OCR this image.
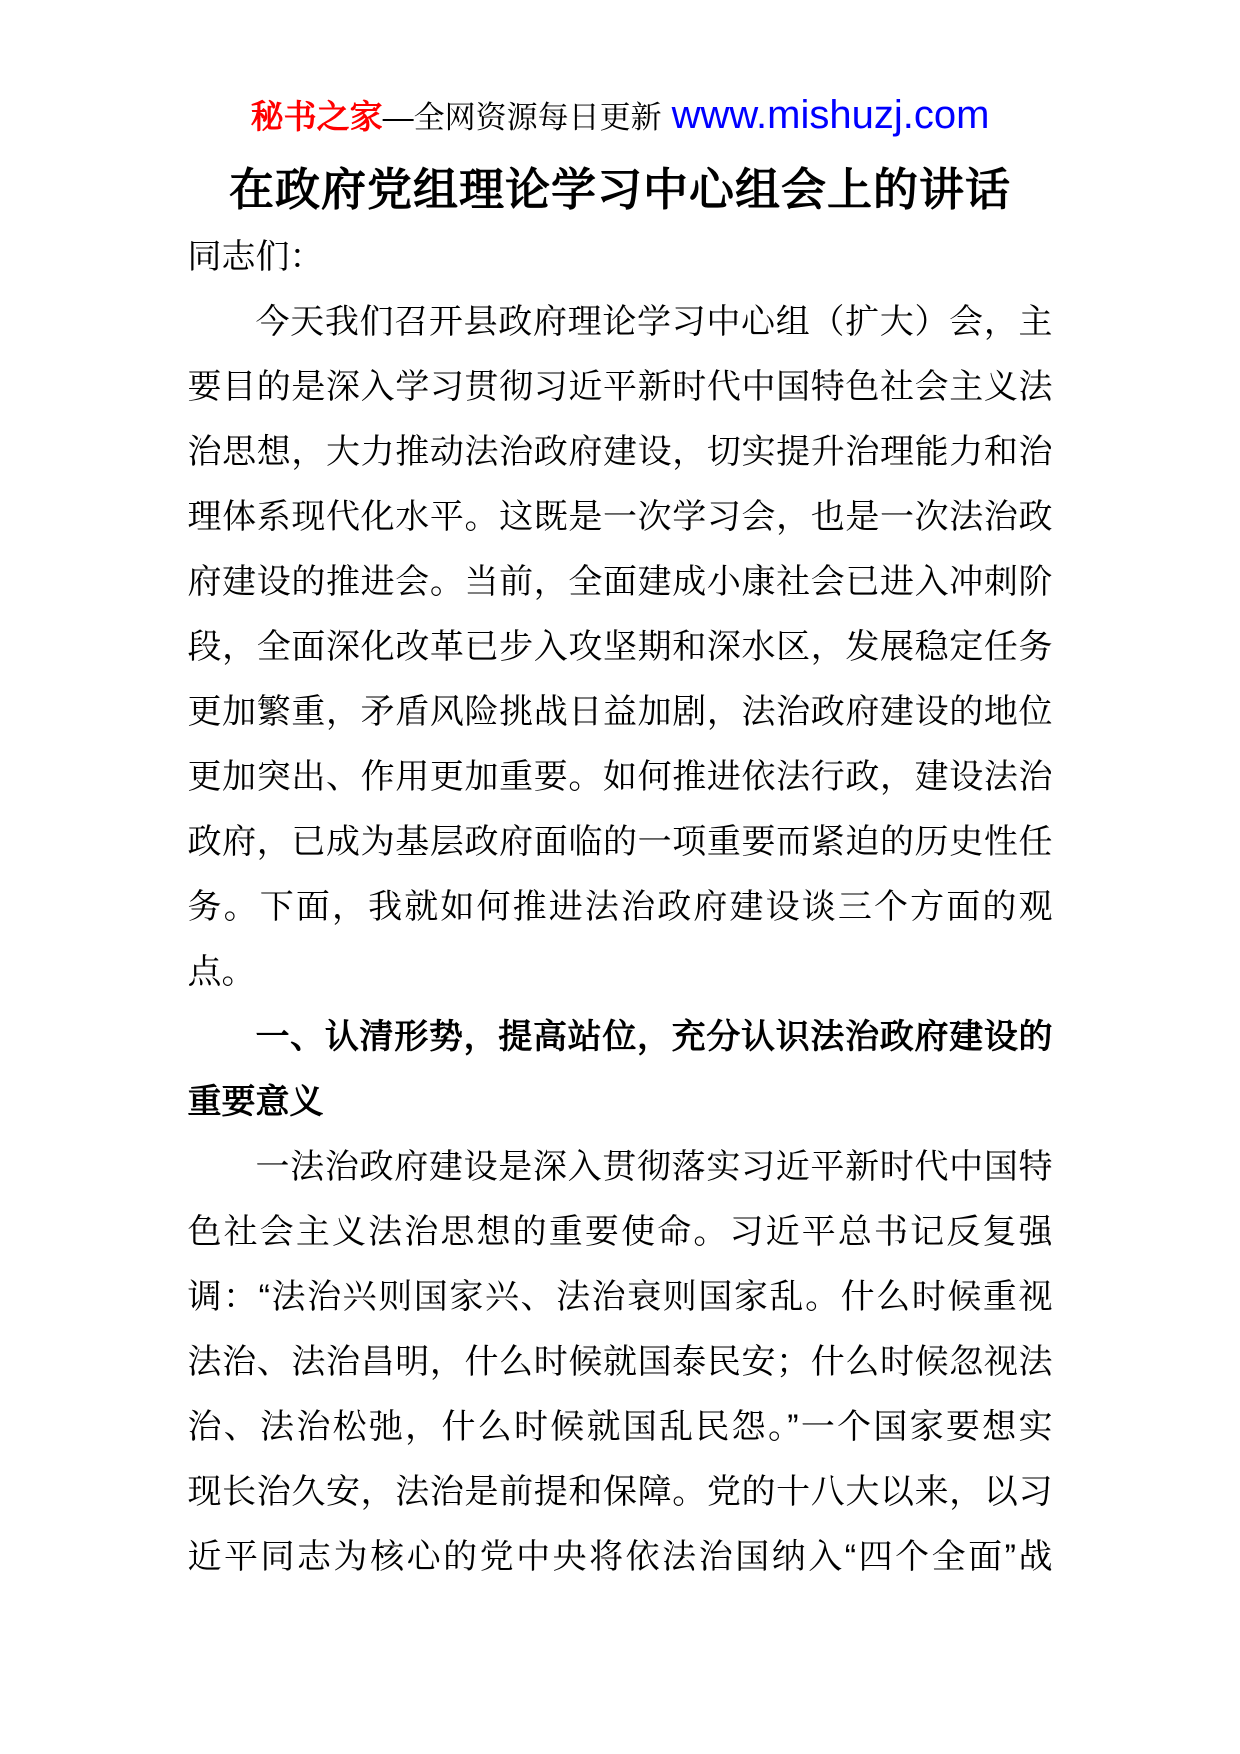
秘书之家—全网资源每日更新 www.mishuzj.com
在政府党组理论学习中心组会上的讲话
同志们：
今天我们召开县政府理论学习中心组（扩大）会，主
要目的是深入学习贯彻习近平新时代中国特色社会主义法
治思想，大力推动法治政府建设，切实提升治理能力和治
理体系现代化水平。这既是一次学习会，也是一次法治政
府建设的推进会。当前，全面建成小康社会已进入冲刺阶
段，全面深化改革已步入攻坚期和深水区，发展稳定任务
更加繁重，矛盾风险挑战日益加剧，法治政府建设的地位
更加突出、作用更加重要。如何推进依法行政，建设法治
政府，已成为基层政府面临的一项重要而紧迫的历史性任
务。下面，我就如何推进法治政府建设谈三个方面的观
点。
一、认清形势，提高站位，充分认识法治政府建设的
重要意义
一法治政府建设是深入贯彻落实习近平新时代中国特
色社会主义法治思想的重要使命。习近平总书记反复强
调：“法治兴则国家兴、法治衰则国家乱。什么时候重视
法治、法治昌明，什么时候就国泰民安；什么时候忽视法
治、法治松弛，什么时候就国乱民怨。”一个国家要想实
现长治久安，法治是前提和保障。党的十八大以来，以习
近平同志为核心的党中央将依法治国纳入“四个全面”战
